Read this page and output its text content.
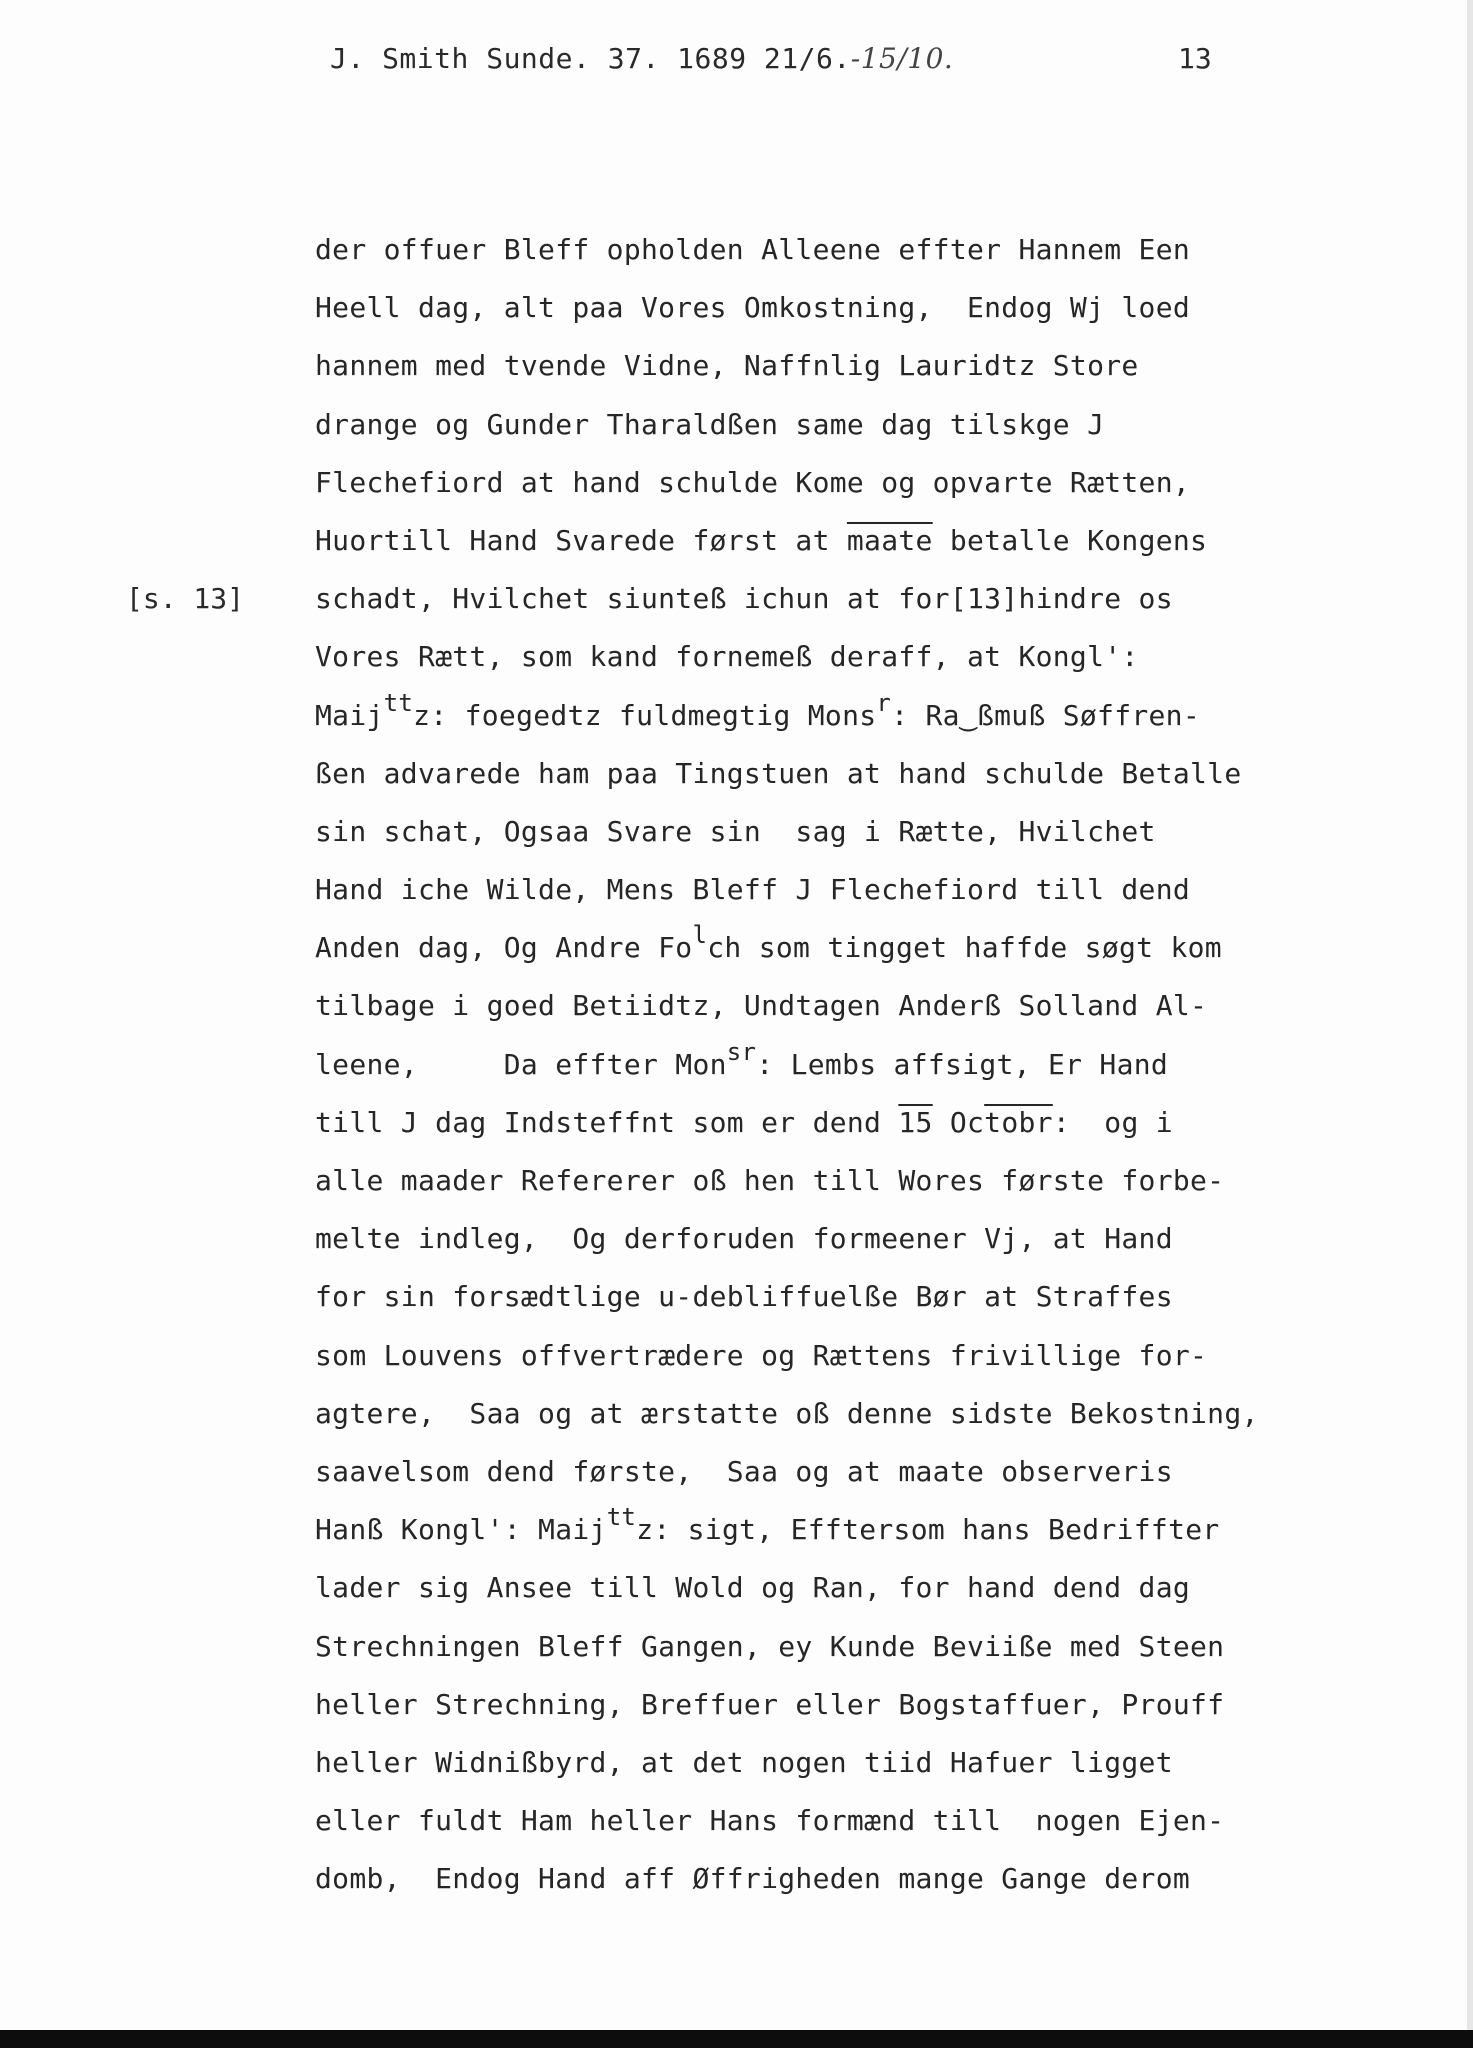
J. Smith Sunde. 37. 1689 21/6.-15/10.	13
[s. 13]
der offuer Bleff opholden Alleene effter Hannem Een
Heell dag, alt paa Vores Omkostning,  Endog Wj loed
hannem med tvende Vidne, Naffnlig Lauridtz Store
drange og Gunder Tharaldßen same dag tilskge J
Flechefiord at hand schulde Kome og opvarte Rætten,
Huortill Hand Svarede først at maate betalle Kongens
schadt, Hvilchet siunteß ichun at for[13]hindre os
Vores Rætt, som kand fornemeß deraff, at Kongl':
Maijttz: foegedtz fuldmegtig Monsr: Ra‿ßmuß Søffren-
ßen advarede ham paa Tingstuen at hand schulde Betalle
sin schat, Ogsaa Svare sin  sag i Rætte, Hvilchet
Hand iche Wilde, Mens Bleff J Flechefiord till dend
Anden dag, Og Andre Folch som tingget haffde søgt kom
tilbage i goed Betiidtz, Undtagen Anderß Solland Al-
leene,     Da effter Monsr: Lembs affsigt, Er Hand
till J dag Indsteffnt som er dend 15 Octobr:  og i
alle maader Refererer oß hen till Wores første forbe-
melte indleg,  Og derforuden formeener Vj, at Hand
for sin forsædtlige u-debliffuelße Bør at Straffes
som Louvens offvertrædere og Rættens frivillige for-
agtere,  Saa og at ærstatte oß denne sidste Bekostning,
saavelsom dend første,  Saa og at maate observeris
Hanß Kongl': Maijttz: sigt, Efftersom hans Bedriffter
lader sig Ansee till Wold og Ran, for hand dend dag
Strechningen Bleff Gangen, ey Kunde Beviiße med Steen
heller Strechning, Breffuer eller Bogstaffuer, Prouff
heller Widnißbyrd, at det nogen tiid Hafuer ligget
eller fuldt Ham heller Hans formænd till  nogen Ejen-
domb,  Endog Hand aff Øffrigheden mange Gange derom
